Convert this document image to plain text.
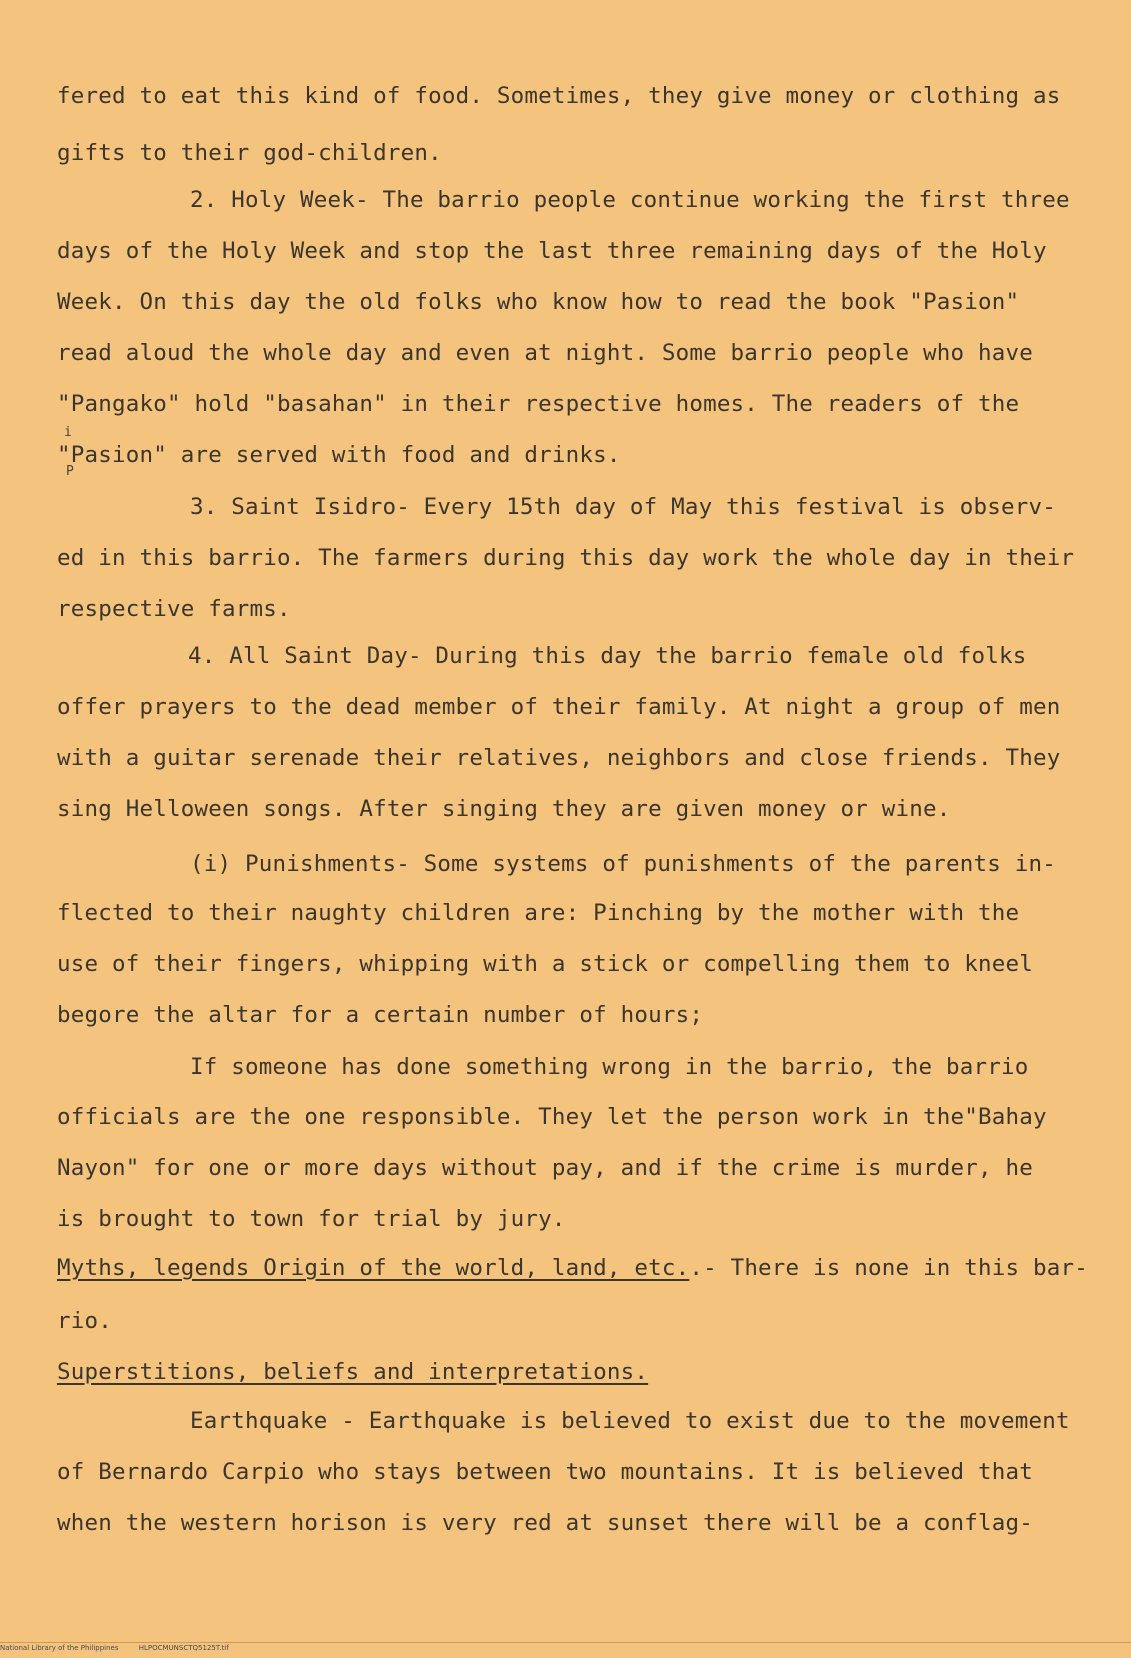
fered to eat this kind of food. Sometimes, they give money or clothing as
gifts to their god-children.
2. Holy Week- The barrio people continue working the first three
days of the Holy Week and stop the last three remaining days of the Holy
Week. On this day the old folks who know how to read the book "Pasion"
read aloud the whole day and even at night. Some barrio people who have
"Pangako" hold "basahan" in their respective homes. The readers of the
i
"Pasion" are served with food and drinks.
P
3. Saint Isidro- Every 15th day of May this festival is observ-
ed in this barrio. The farmers during this day work the whole day in their
respective farms.
4. All Saint Day- During this day the barrio female old folks
offer prayers to the dead member of their family. At night a group of men
with a guitar serenade their relatives, neighbors and close friends. They
sing Helloween songs. After singing they are given money or wine.
(i) Punishments- Some systems of punishments of the parents in-
flected to their naughty children are: Pinching by the mother with the
use of their fingers, whipping with a stick or compelling them to kneel
begore the altar for a certain number of hours;
If someone has done something wrong in the barrio, the barrio
officials are the one responsible. They let the person work in the"Bahay
Nayon" for one or more days without pay, and if the crime is murder, he
is brought to town for trial by jury.
Myths, legends Origin of the world, land, etc..- There is none in this bar-
rio.
Superstitions, beliefs and interpretations.
Earthquake - Earthquake is believed to exist due to the movement
of Bernardo Carpio who stays between two mountains. It is believed that
when the western horison is very red at sunset there will be a conflag-
National Library of the Philippines	HLPOCMUNSCTQ5125T.tif
